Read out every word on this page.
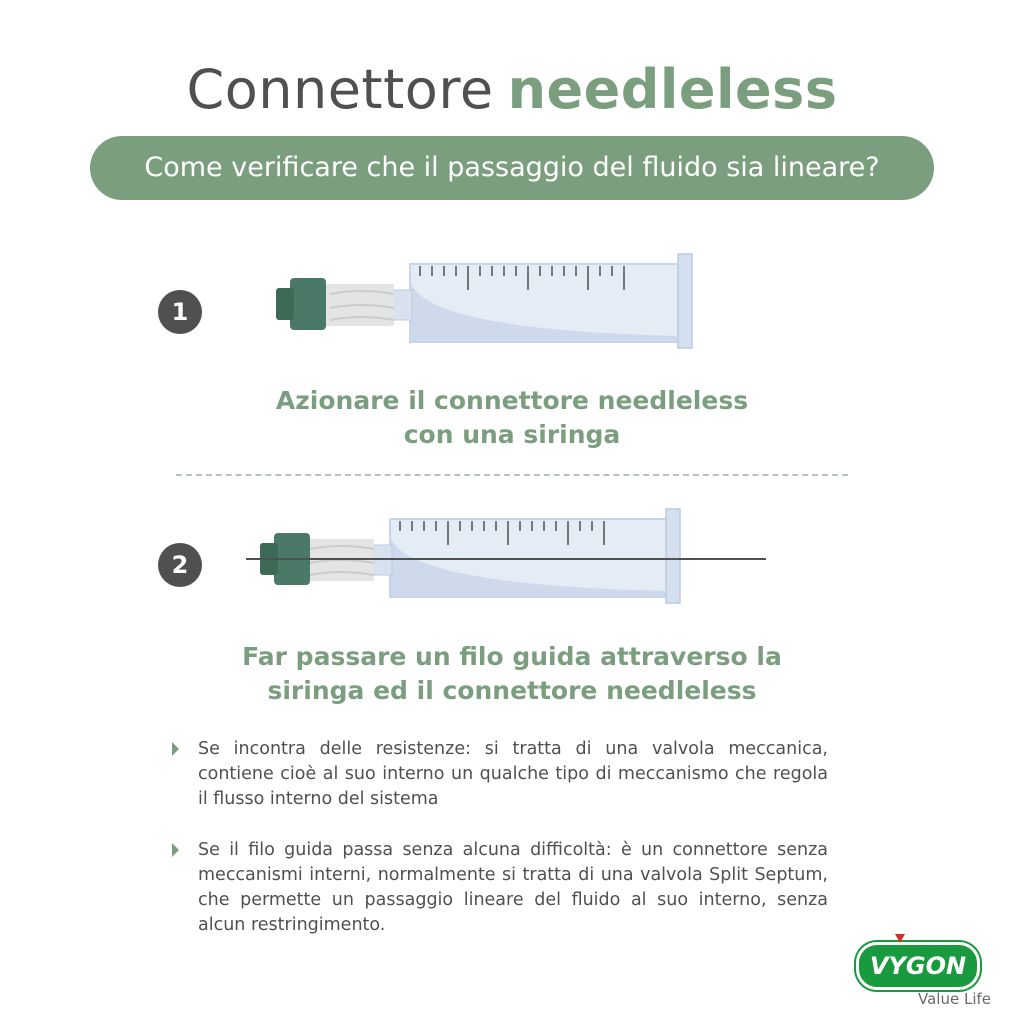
Connettore needleless
Come verificare che il passaggio del fluido sia lineare?
1
Azionare il connettore needleless
con una siringa
2
Far passare un filo guida attraverso la
siringa ed il connettore needleless
Se incontra delle resistenze: si tratta di una valvola meccanica, contiene cioè al suo interno un qualche tipo di meccanismo che regola il flusso interno del sistema
Se il filo guida passa senza alcuna difficoltà: è un connettore senza meccanismi interni, normalmente si tratta di una valvola Split Septum, che permette un passaggio lineare del fluido al suo interno, senza alcun restringimento.
VYGON
Value Life
